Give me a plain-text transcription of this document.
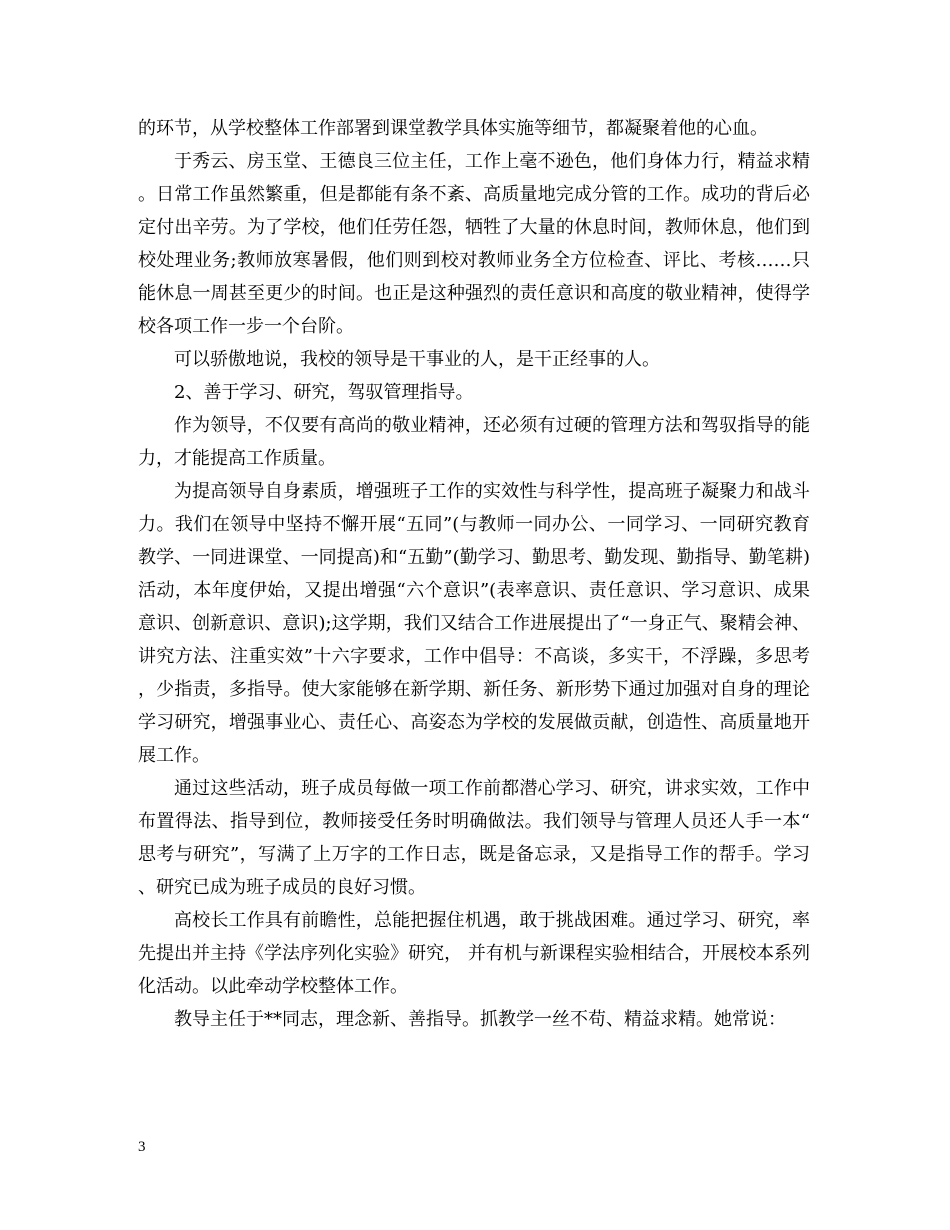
的环节，从学校整体工作部署到课堂教学具体实施等细节，都凝聚着他的心血。

于秀云、房玉堂、王德良三位主任，工作上毫不逊色，他们身体力行，精益求精。日常工作虽然繁重，但是都能有条不紊、高质量地完成分管的工作。成功的背后必定付出辛劳。为了学校，他们任劳任怨，牺牲了大量的休息时间，教师休息，他们到校处理业务;教师放寒暑假，他们则到校对教师业务全方位检查、评比、考核……只能休息一周甚至更少的时间。也正是这种强烈的责任意识和高度的敬业精神，使得学校各项工作一步一个台阶。

可以骄傲地说，我校的领导是干事业的人，是干正经事的人。

2、善于学习、研究，驾驭管理指导。

作为领导，不仅要有高尚的敬业精神，还必须有过硬的管理方法和驾驭指导的能力，才能提高工作质量。

为提高领导自身素质，增强班子工作的实效性与科学性，提高班子凝聚力和战斗力。我们在领导中坚持不懈开展“五同”(与教师一同办公、一同学习、一同研究教育教学、一同进课堂、一同提高)和“五勤”(勤学习、勤思考、勤发现、勤指导、勤笔耕)活动，本年度伊始，又提出增强“六个意识”(表率意识、责任意识、学习意识、成果意识、创新意识、意识);这学期，我们又结合工作进展提出了“一身正气、聚精会神、讲究方法、注重实效”十六字要求，工作中倡导：不高谈，多实干，不浮躁，多思考，少指责，多指导。使大家能够在新学期、新任务、新形势下通过加强对自身的理论学习研究，增强事业心、责任心、高姿态为学校的发展做贡献，创造性、高质量地开展工作。

通过这些活动，班子成员每做一项工作前都潜心学习、研究，讲求实效，工作中布置得法、指导到位，教师接受任务时明确做法。我们领导与管理人员还人手一本“思考与研究”，写满了上万字的工作日志，既是备忘录，又是指导工作的帮手。学习、研究已成为班子成员的良好习惯。

高校长工作具有前瞻性，总能把握住机遇，敢于挑战困难。通过学习、研究，率先提出并主持《学法序列化实验》研究， 并有机与新课程实验相结合，开展校本系列化活动。以此牵动学校整体工作。

教导主任于**同志，理念新、善指导。抓教学一丝不苟、精益求精。她常说：

3
